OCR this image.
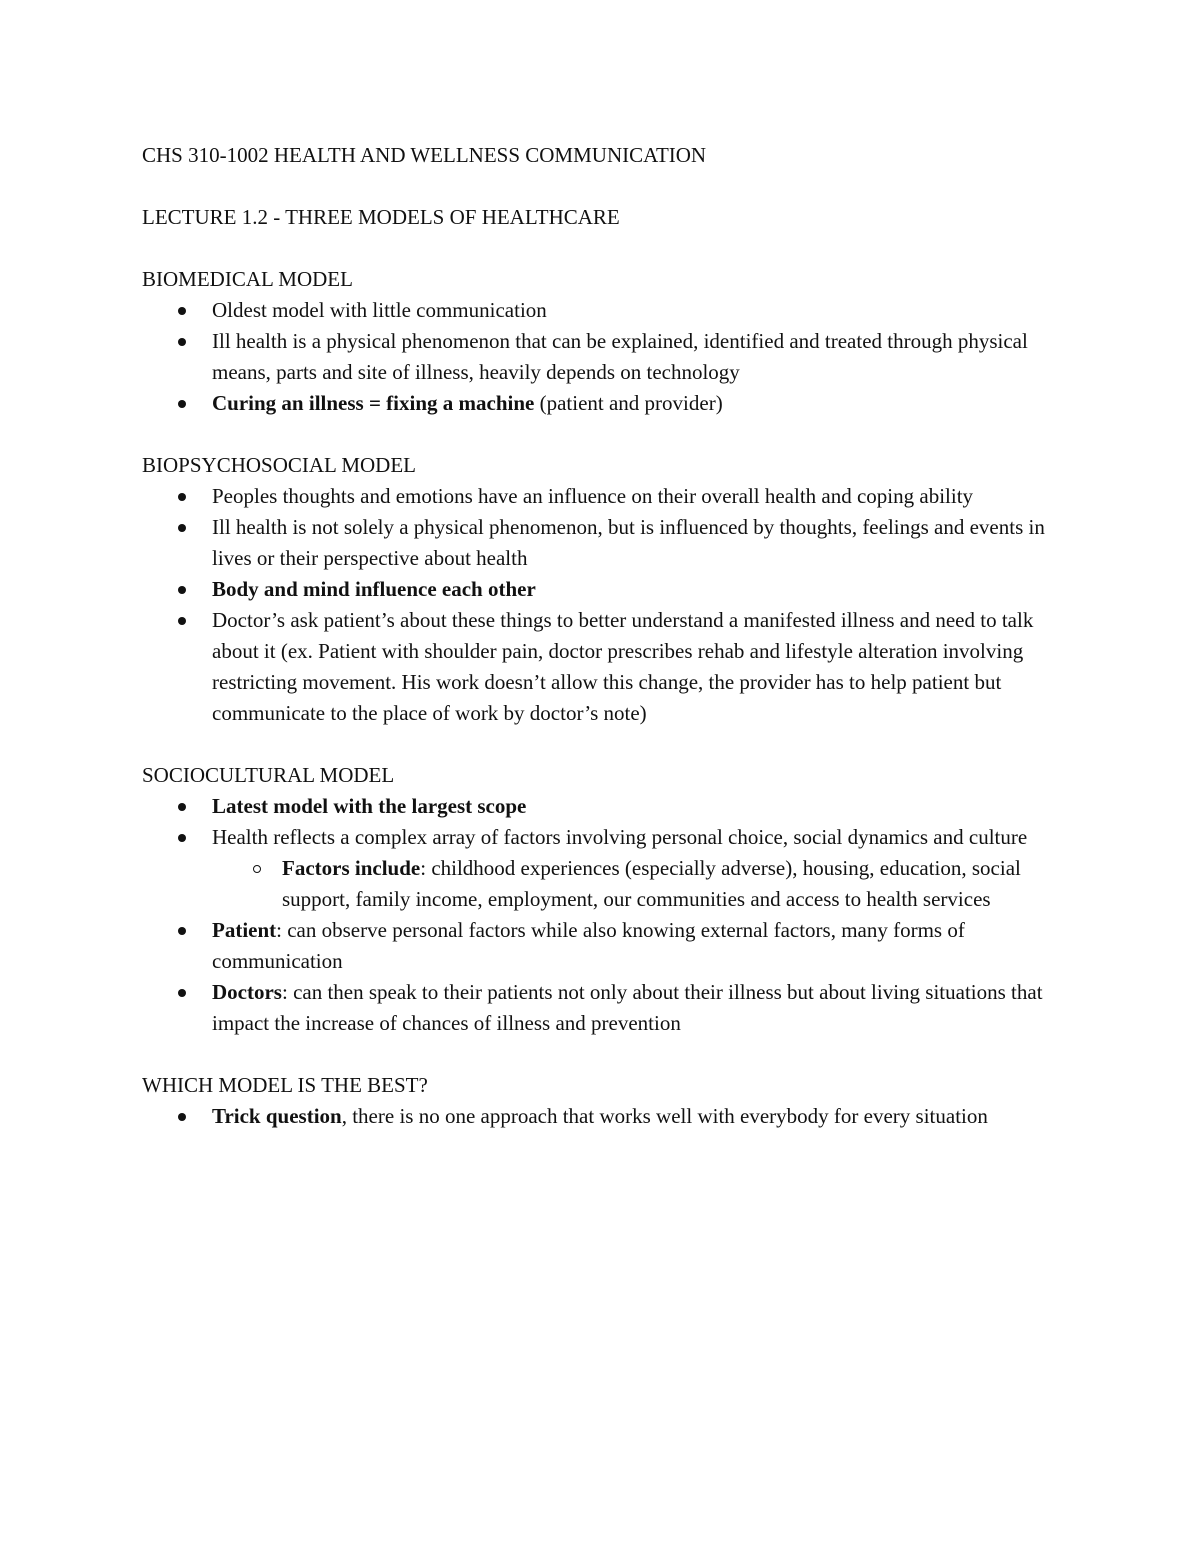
CHS 310-1002 HEALTH AND WELLNESS COMMUNICATION

LECTURE 1.2 - THREE MODELS OF HEALTHCARE

BIOMEDICAL MODEL

Oldest model with little communication
Ill health is a physical phenomenon that can be explained, identified and treated through physical means, parts and site of illness, heavily depends on technology
Curing an illness = fixing a machine (patient and provider)

BIOPSYCHOSOCIAL MODEL

Peoples thoughts and emotions have an influence on their overall health and coping ability
Ill health is not solely a physical phenomenon, but is influenced by thoughts, feelings and events in lives or their perspective about health
Body and mind influence each other
Doctor’s ask patient’s about these things to better understand a manifested illness and need to talk about it (ex. Patient with shoulder pain, doctor prescribes rehab and lifestyle alteration involving restricting movement. His work doesn’t allow this change, the provider has to help patient but communicate to the place of work by doctor’s note)

SOCIOCULTURAL MODEL

Latest model with the largest scope
Health reflects a complex array of factors involving personal choice, social dynamics and culture
Factors include: childhood experiences (especially adverse), housing, education, social support, family income, employment, our communities and access to health services
Patient: can observe personal factors while also knowing external factors, many forms of communication
Doctors: can then speak to their patients not only about their illness but about living situations that impact the increase of chances of illness and prevention

WHICH MODEL IS THE BEST?

Trick question, there is no one approach that works well with everybody for every situation
